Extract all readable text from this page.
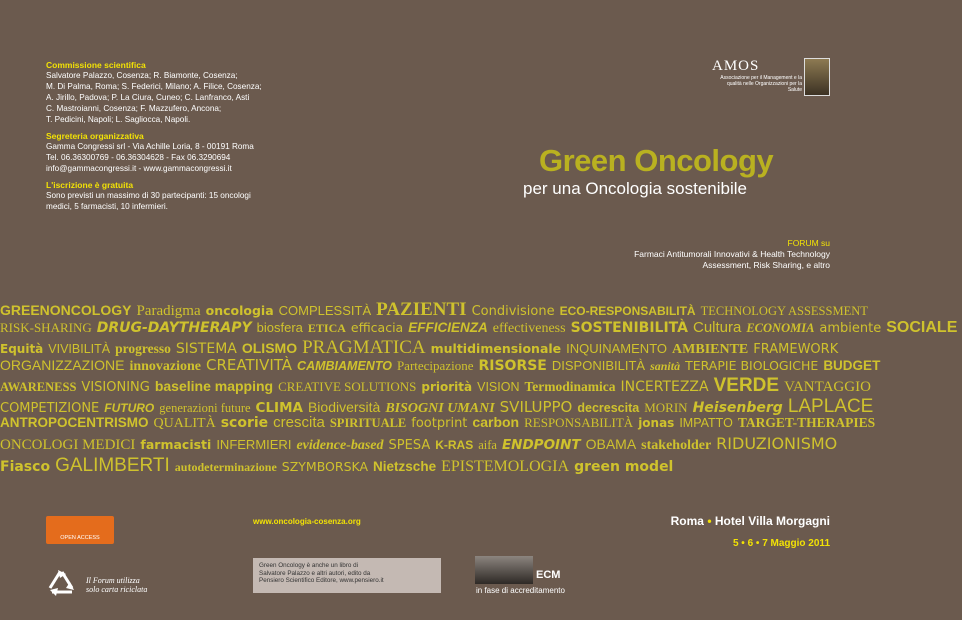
Commissione scientifica
Salvatore Palazzo, Cosenza; R. Biamonte, Cosenza;
M. Di Palma, Roma; S. Federici, Milano; A. Filice, Cosenza;
A. Jirillo, Padova; P. La Ciura, Cuneo; C. Lanfranco, Asti
C. Mastroianni, Cosenza; F. Mazzufero, Ancona;
T. Pedicini, Napoli; L. Sagliocca, Napoli.
Segreteria organizzativa
Gamma Congressi srl - Via Achille Loria, 8 - 00191 Roma
Tel. 06.36300769 - 06.36304628 - Fax 06.3290694
info@gammacongressi.it - www.gammacongressi.it
L'iscrizione è gratuita
Sono previsti un massimo di 30 partecipanti: 15 oncologi
medici, 5 farmacisti, 10 infermieri.
AMOS
Associazione per il Management e la qualità nelle Organizzazioni per la Salute
Green Oncology
per una Oncologia sostenibile
FORUM su
Farmaci Antitumorali Innovativi & Health Technology
Assessment, Risk Sharing, e altro
GREENONCOLOGY Paradigma oncologia COMPLESSITÀ PAZIENTI Condivisione ECO-RESPONSABILITÀ TECHNOLOGY ASSESSMENT
RISK-SHARING DRUG-DAYTHERAPY biosfera ETICA efficacia EFFICIENZA effectiveness SOSTENIBILITÀ Cultura ECONOMIA ambiente SOCIALE
Equità VIVIBILITÀ progresso SISTEMA OLISMO PRAGMATICA multidimensionale INQUINAMENTO AMBIENTE FRAMEWORK
ORGANIZZAZIONE innovazione CREATIVITÀ CAMBIAMENTO Partecipazione RISORSE DISPONIBILITÀ sanità TERAPIE BIOLOGICHE BUDGET
AWARENESS VISIONING baseline mapping CREATIVE SOLUTIONS priorità VISION Termodinamica INCERTEZZA VERDE VANTAGGIO
COMPETIZIONE FUTURO generazioni future CLIMA Biodiversità BISOGNI UMANI SVILUPPO decrescita MORIN Heisenberg LAPLACE
ANTROPOCENTRISMO QUALITÀ scorie crescita SPIRITUALE footprint carbon RESPONSABILITÀ jonas IMPATTO TARGET-THERAPIES
ONCOLOGI MEDICI farmacisti INFERMIERI evidence-based SPESA K-RAS aifa ENDPOINT OBAMA stakeholder RIDUZIONISMO
Fiasco GALIMBERTI autodeterminazione SZYMBORSKA Nietzsche EPISTEMOLOGIA green model
OPEN ACCESS
www.oncologia-cosenza.org	Roma • Hotel Villa Morgagni
5 • 6 • 7 Maggio 2011
Il Forum utilizza
solo carta riciclata
Green Oncology è anche un libro di
Salvatore Palazzo e altri autori, edito da
Pensiero Scientifico Editore, www.pensiero.it	ECM
in fase di accreditamento
